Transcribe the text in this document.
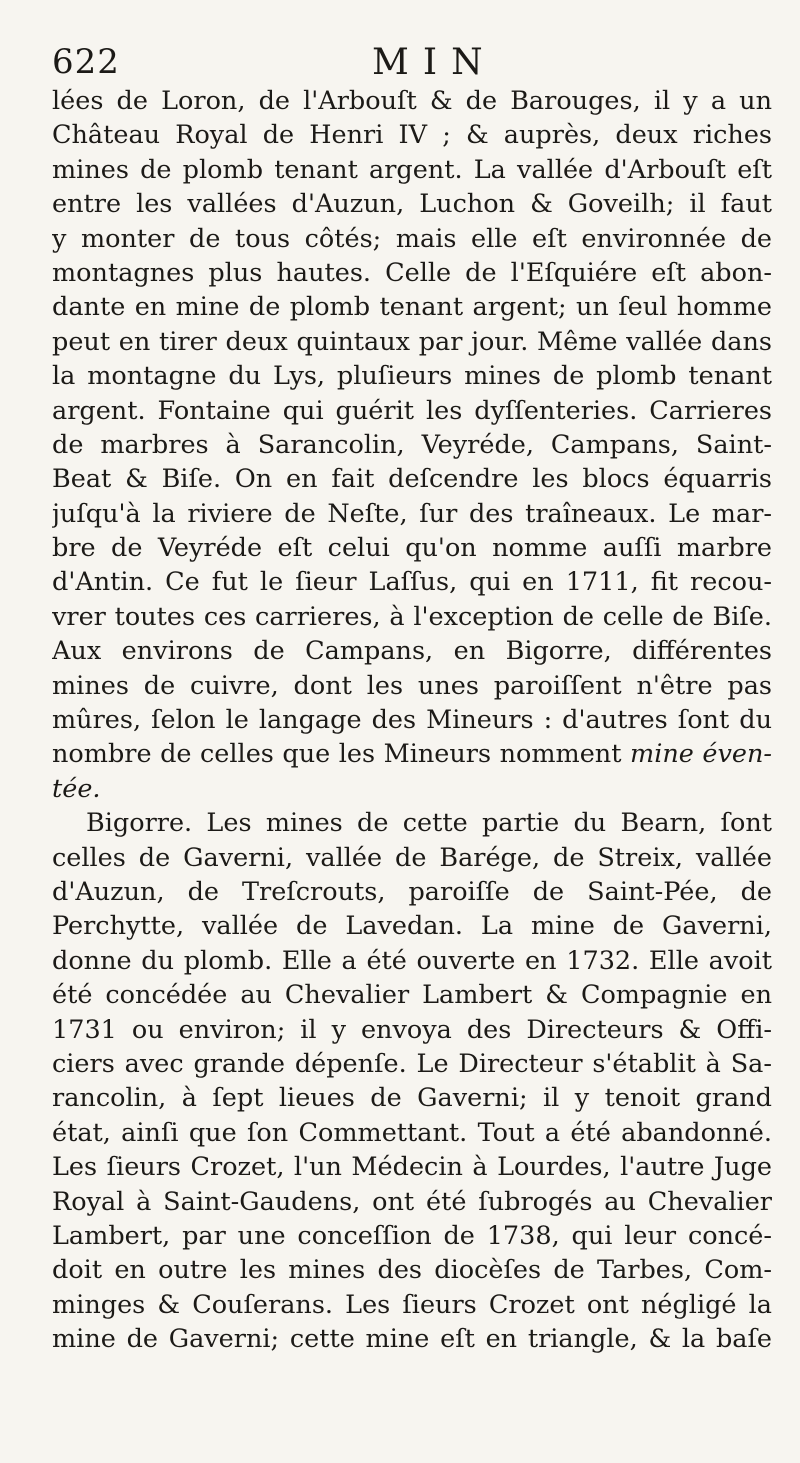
622	MIN
lées de Loron, de l'Arbouſt & de Barouges, il y a un
Château Royal de Henri IV ; & auprès, deux riches
mines de plomb tenant argent. La vallée d'Arbouſt eſt
entre les vallées d'Auzun, Luchon & Goveilh; il faut
y monter de tous côtés; mais elle eſt environnée de
montagnes plus hautes. Celle de l'Eſquiére eſt abon-
dante en mine de plomb tenant argent; un ſeul homme
peut en tirer deux quintaux par jour. Même vallée dans
la montagne du Lys, pluſieurs mines de plomb tenant
argent. Fontaine qui guérit les dyſſenteries. Carrieres
de marbres à Sarancolin, Veyréde, Campans, Saint-
Beat & Biſe. On en fait deſcendre les blocs équarris
juſqu'à la riviere de Neſte, ſur des traîneaux. Le mar-
bre de Veyréde eſt celui qu'on nomme auſſi marbre
d'Antin. Ce fut le ſieur Laſſus, qui en 1711, fit recou-
vrer toutes ces carrieres, à l'exception de celle de Biſe.
Aux environs de Campans, en Bigorre, différentes
mines de cuivre, dont les unes paroiſſent n'être pas
mûres, ſelon le langage des Mineurs : d'autres ſont du
nombre de celles que les Mineurs nomment mine éven-
tée.
Bigorre. Les mines de cette partie du Bearn, ſont
celles de Gaverni, vallée de Barége, de Streix, vallée
d'Auzun, de Treſcrouts, paroiſſe de Saint-Pée, de
Perchytte, vallée de Lavedan. La mine de Gaverni,
donne du plomb. Elle a été ouverte en 1732. Elle avoit
été concédée au Chevalier Lambert & Compagnie en
1731 ou environ; il y envoya des Directeurs & Offi-
ciers avec grande dépenſe. Le Directeur s'établit à Sa-
rancolin, à ſept lieues de Gaverni; il y tenoit grand
état, ainſi que ſon Commettant. Tout a été abandonné.
Les ſieurs Crozet, l'un Médecin à Lourdes, l'autre Juge
Royal à Saint-Gaudens, ont été ſubrogés au Chevalier
Lambert, par une conceſſion de 1738, qui leur concé-
doit en outre les mines des diocèſes de Tarbes, Com-
minges & Couſerans. Les ſieurs Crozet ont négligé la
mine de Gaverni; cette mine eſt en triangle, & la baſe
